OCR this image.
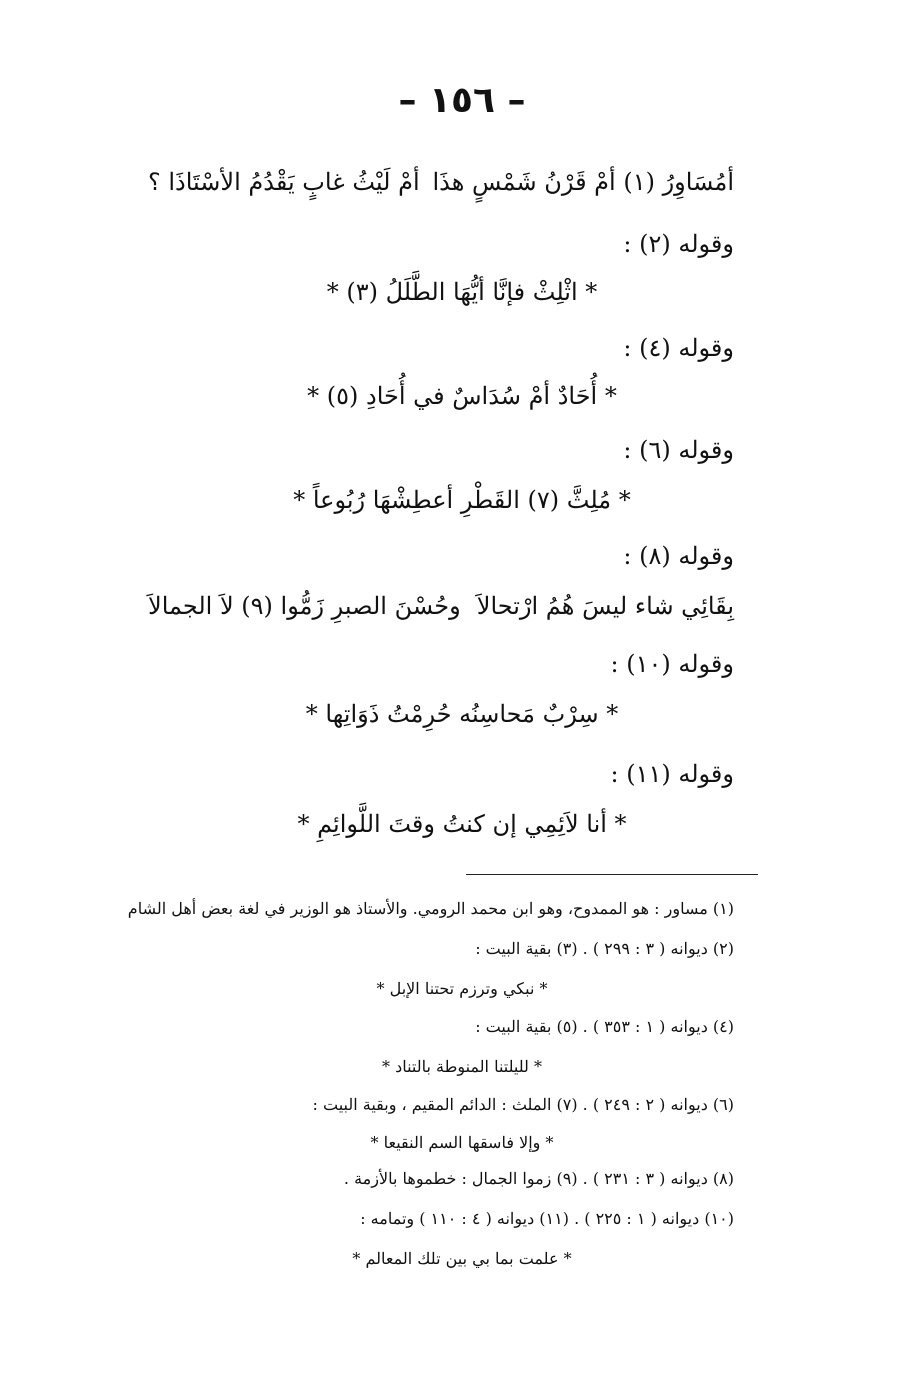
– ١٥٦ –
أمُسَاوِرُ (١) أمْ قَرْنُ شَمْسٍ هذَا
أمْ لَيْثُ غابٍ يَقْدُمُ الأسْتَاذَا ؟
وقوله (٢) :
* اثْلِثْ فإنَّا أيُّهَا الطَّلَلُ (٣) *
وقوله (٤) :
* أُحَادٌ أمْ سُدَاسٌ في أُحَادِ (٥) *
وقوله (٦) :
* مُلِثَّ (٧) القَطْرِ أعطِشْهَا رُبُوعاً *
وقوله (٨) :
بِقَائِي شاء ليسَ هُمُ ارْتحالاَ
وحُسْنَ الصبرِ زَمُّوا (٩) لاَ الجمالاَ
وقوله (١٠) :
* سِرْبٌ مَحاسِنُه حُرِمْتُ ذَوَاتِها *
وقوله (١١) :
* أنا لاَئِمِي إن كنتُ وقتَ اللَّوائِمِ *
(١) مساور : هو الممدوح، وهو ابن محمد الرومي. والأستاذ هو الوزير في لغة بعض أهل الشام
(٢) ديوانه ( ٣ : ٢٩٩ ) . (٣) بقية البيت :
* نبكي وترزم تحتنا الإبل *
(٤) ديوانه ( ١ : ٣٥٣ ) . (٥) بقية البيت :
* لليلتنا المنوطة بالتناد *
(٦) ديوانه ( ٢ : ٢٤٩ ) . (٧) الملث : الدائم المقيم ، وبقية البيت :
* وإلا فاسقها السم النقيعا *
(٨) ديوانه ( ٣ : ٢٣١ ) . (٩) زموا الجمال : خطموها بالأزمة .
(١٠) ديوانه ( ١ : ٢٢٥ ) . (١١) ديوانه ( ٤ : ١١٠ ) وتمامه :
* علمت بما بي بين تلك المعالم *
